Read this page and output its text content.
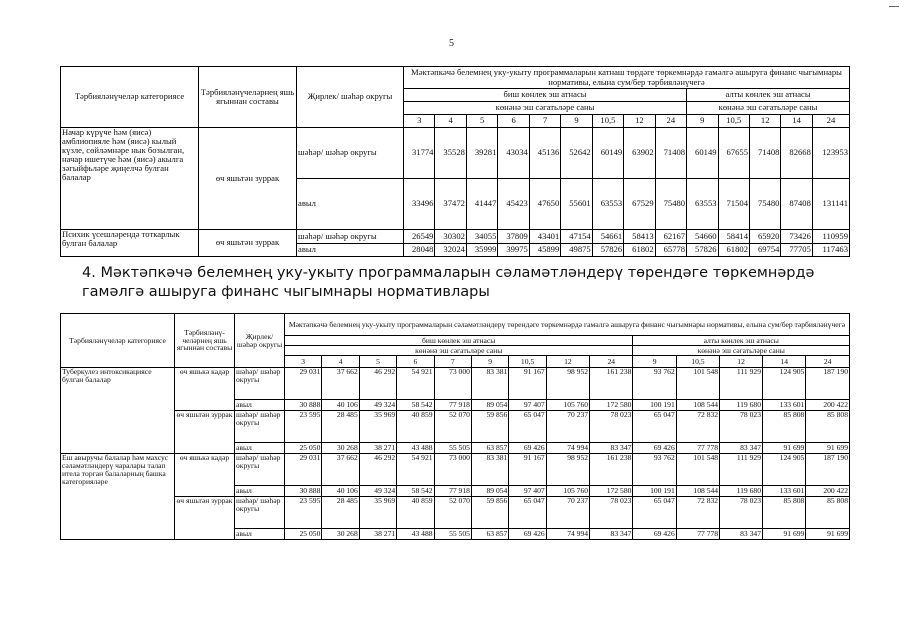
5
Тәрбияләнүчеләр категориясе	Тәрбияләнүчеләрнең яшь ягыннан составы	Җирлек/ шәһәр округы	Мәктәпкәчә белемнең уку-укыту программаларын катнаш төрдәге төркемнәрдә гамәлгә ашыруга финанс чыгымнары нормативы, елына сум/бер тәрбияләнүчегә													
			биш көнлек эш атнасы									алты көнлек эш атнасы				
			көнәнә эш сәгатьләре саны									көнәнә эш сәгатьләре саны				
			3	4	5	6	7	9	10,5	12	24	9	10,5	12	14	24
Начар күрүче һәм (яисә) амблиопияле һәм (яисә) кылый күзле, сөйләмнәре нык бозылган, начар ишетүче һәм (яисә) акылга зәгыйфьләре җиңелчә булган балалар	өч яшьтән зуррак	шәһәр/ шәһәр округы	31774	35528	39281	43034	45136	52642	60149	63902	71408	60149	67655	71408	82668	123953
		авыл	33496	37472	41447	45423	47650	55601	63553	67529	75480	63553	71504	75480	87408	131141
Психик үсешләрендә тоткарлык булган балалар	өч яшьтән зуррак	шәһәр/ шәһәр округы	26549	30302	34055	37809	43401	47154	54661	58413	62167	54660	58414	65920	73426	110959
		авыл	28048	32024	35999	39975	45899	49875	57826	61802	65778	57826	61802	69754	77705	117463
4. Мәктәпкәчә белемнең уку-укыту программаларын сәламәтләндерү төрендәге төркемнәрдә гамәлгә ашыруга финанс чыгымнары нормативлары
Тәрбияләнүчеләр категориясе	Тәрбияләнү-челәрнең яшь ягыннан составы	Җирлек/ шәһәр округы	Мәктәпкәчә белемнең уку-укыту программаларын сәламәтләндерү төрендәге төркемнәрдә гамәлгә ашыруга финанс чыгымнары нормативы, елына сум/бер тәрбияләнүчегә													
			биш көнлек эш атнасы									алты көнлек эш атнасы				
			көнәнә эш сәгатьләре саны									көнәнә эш сәгатьләре саны				
			3	4	5	6	7	9	10,5	12	24	9	10,5	12	14	24
Туберкулез интоксикациясе булган балалар	өч яшькә кадәр	шәһәр/ шәһәр округы	29 031	37 662	46 292	54 921	73 000	83 381	91 167	98 952	161 238	93 762	101 548	111 929	124 905	187 190
		авыл	30 888	40 106	49 324	58 542	77 918	89 054	97 407	105 760	172 580	100 191	108 544	119 680	133 601	200 422
	өч яшьтән зуррак	шәһәр/ шәһәр округы	23 595	28 485	35 969	40 859	52 070	59 856	65 047	70 237	78 023	65 047	72 832	78 023	85 808	85 808
		авыл	25 050	30 268	38 271	43 488	55 505	63 857	69 426	74 994	83 347	69 426	77 778	83 347	91 699	91 699
Еш авыручы балалар һәм махсус сәламәтләндерү чаралары талап итела торган балаларның башка категорияләре	өч яшькә кадәр	шәһәр/ шәһәр округы	29 031	37 662	46 292	54 921	73 000	83 381	91 167	98 952	161 238	93 762	101 548	111 929	124 905	187 190
		авыл	30 888	40 106	49 324	58 542	77 918	89 054	97 407	105 760	172 580	100 191	108 544	119 680	133 601	200 422
	өч яшьтән зуррак	шәһәр/ шәһәр округы	23 595	28 485	35 969	40 859	52 070	59 856	65 047	70 237	78 023	65 047	72 832	78 023	85 808	85 808
		авыл	25 050	30 268	38 271	43 488	55 505	63 857	69 426	74 994	83 347	69 426	77 778	83 347	91 699	91 699
